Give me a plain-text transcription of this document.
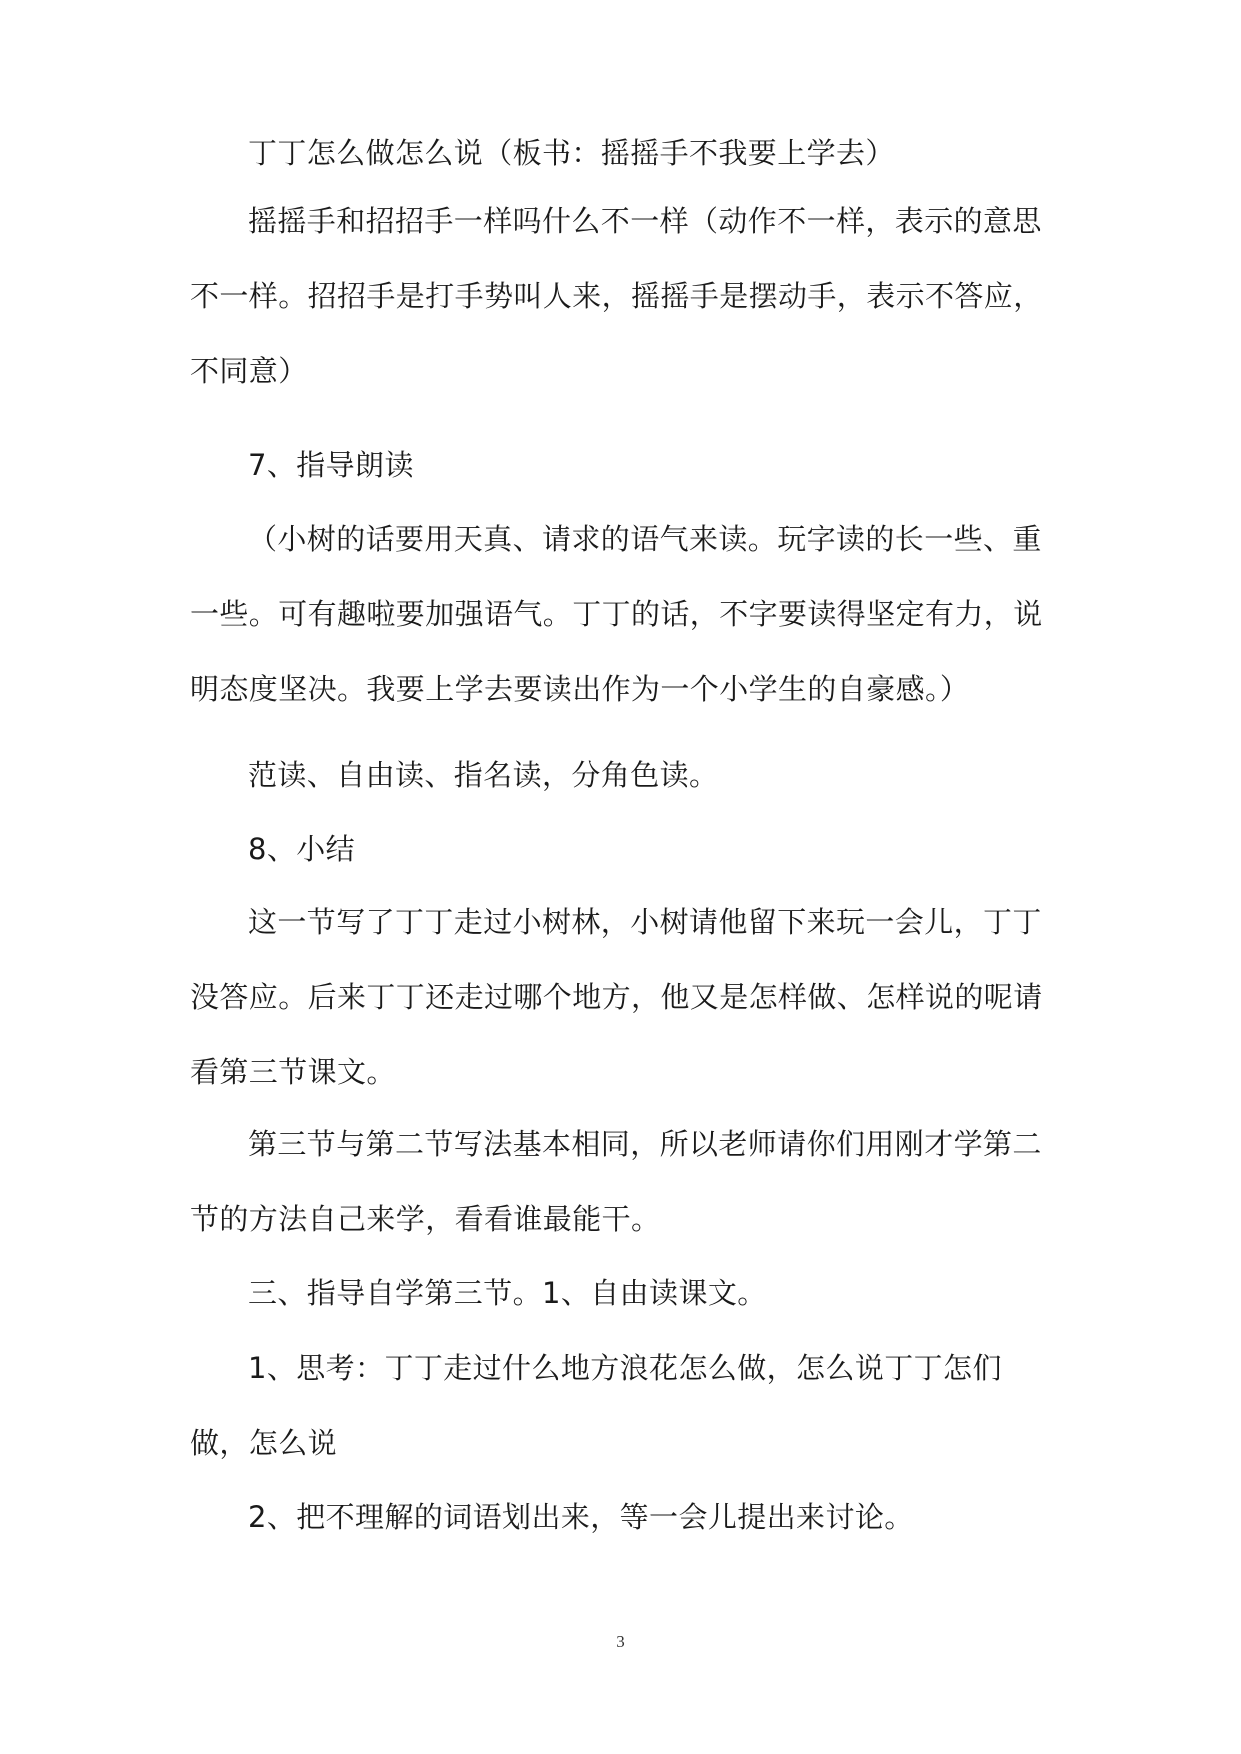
丁丁怎么做怎么说（板书：摇摇手不我要上学去）

摇摇手和招招手一样吗什么不一样（动作不一样，表示的意思不一样。招招手是打手势叫人来，摇摇手是摆动手，表示不答应，不同意）

7、指导朗读

（小树的话要用天真、请求的语气来读。玩字读的长一些、重一些。可有趣啦要加强语气。丁丁的话，不字要读得坚定有力，说明态度坚决。我要上学去要读出作为一个小学生的自豪感。）

范读、自由读、指名读，分角色读。

8、小结

这一节写了丁丁走过小树林，小树请他留下来玩一会儿，丁丁没答应。后来丁丁还走过哪个地方，他又是怎样做、怎样说的呢请看第三节课文。

第三节与第二节写法基本相同，所以老师请你们用刚才学第二节的方法自己来学，看看谁最能干。

三、指导自学第三节。1、自由读课文。

1、思考：丁丁走过什么地方浪花怎么做，怎么说丁丁怎们做，怎么说

2、把不理解的词语划出来，等一会儿提出来讨论。

3
